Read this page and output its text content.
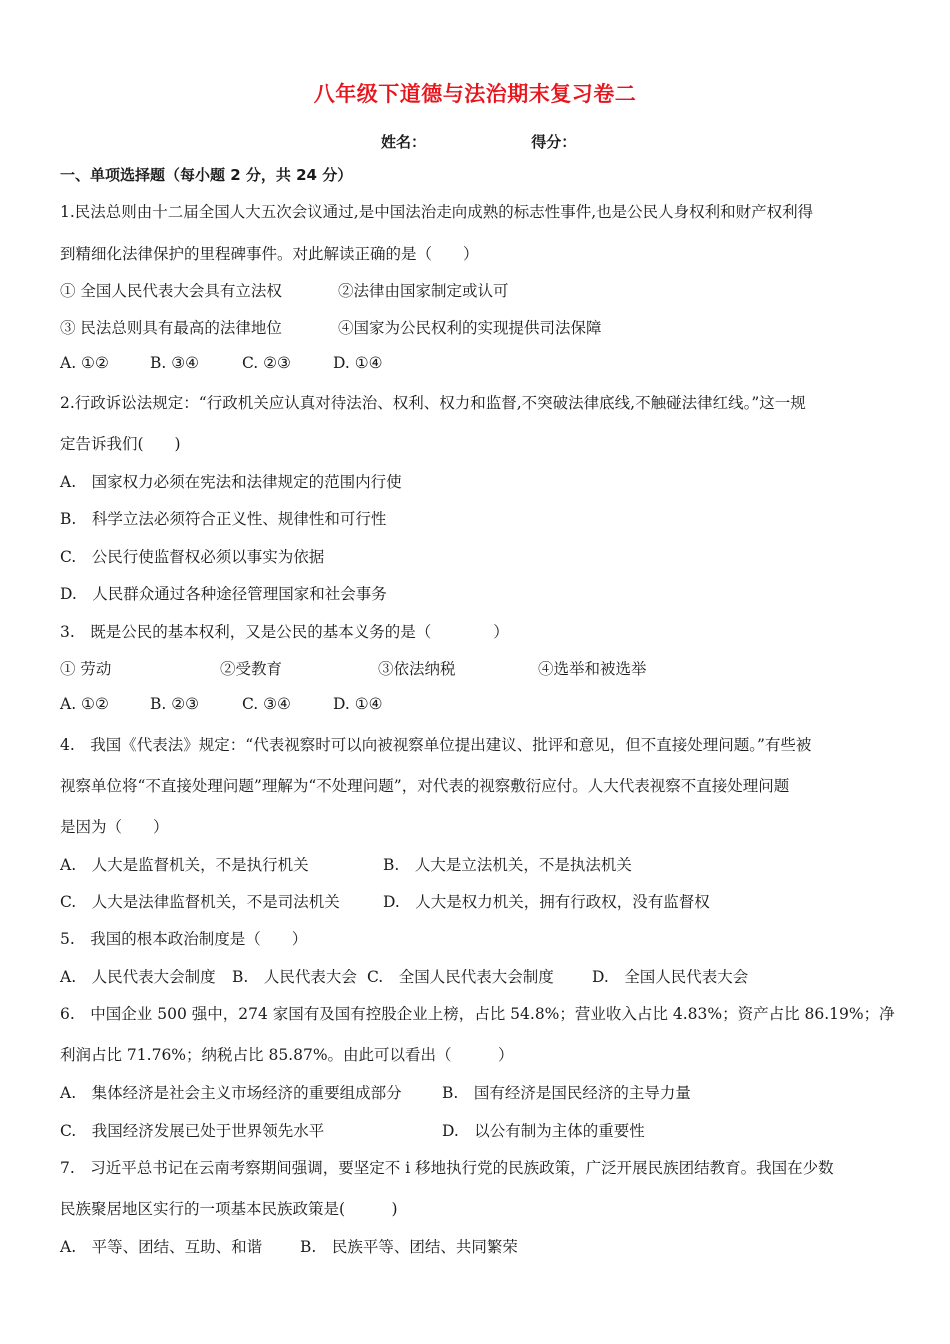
八年级下道德与法治期末复习卷二
姓名：	得分：
一、单项选择题（每小题 2 分，共 24 分）
1.民法总则由十二届全国人大五次会议通过,是中国法治走向成熟的标志性事件,也是公民人身权利和财产权利得
到精细化法律保护的里程碑事件。对此解读正确的是（　　）
① 全国人民代表大会具有立法权	②法律由国家制定或认可
③ 民法总则具有最高的法律地位	④国家为公民权利的实现提供司法保障
A. ①②	B. ③④	C. ②③	D. ①④
2.行政诉讼法规定：“行政机关应认真对待法治、权利、权力和监督,不突破法律底线,不触碰法律红线。”这一规
定告诉我们(　　)
A.　国家权力必须在宪法和法律规定的范围内行使
B.　科学立法必须符合正义性、规律性和可行性
C.　公民行使监督权必须以事实为依据
D.　人民群众通过各种途径管理国家和社会事务
3.　既是公民的基本权利，又是公民的基本义务的是（　　　　）
① 劳动	②受教育	③依法纳税	④选举和被选举
A. ①②	B. ②③	C. ③④	D. ①④
4.　我国《代表法》规定：“代表视察时可以向被视察单位提出建议、批评和意见，但不直接处理问题。”有些被
视察单位将“不直接处理问题”理解为“不处理问题”，对代表的视察敷衍应付。人大代表视察不直接处理问题
是因为（　　）
A.　人大是监督机关，不是执行机关	B.　人大是立法机关，不是执法机关
C.　人大是法律监督机关，不是司法机关	D.　人大是权力机关，拥有行政权，没有监督权
5.　我国的根本政治制度是（　　）
A.　人民代表大会制度 B.　人民代表大会 C.　全国人民代表大会制度 D.　全国人民代表大会
6.　中国企业 500 强中，274 家国有及国有控股企业上榜，占比 54.8%；营业收入占比 4.83%；资产占比 86.19%；净
利润占比 71.76%；纳税占比 85.87%。由此可以看出（　　　）
A.　集体经济是社会主义市场经济的重要组成部分	B.　国有经济是国民经济的主导力量
C.　我国经济发展已处于世界领先水平	D.　以公有制为主体的重要性
7.　习近平总书记在云南考察期间强调，要坚定不 i 移地执行党的民族政策，广泛开展民族团结教育。我国在少数
民族聚居地区实行的一项基本民族政策是(　　　)
A.　平等、团结、互助、和谐 B.　民族平等、团结、共同繁荣
